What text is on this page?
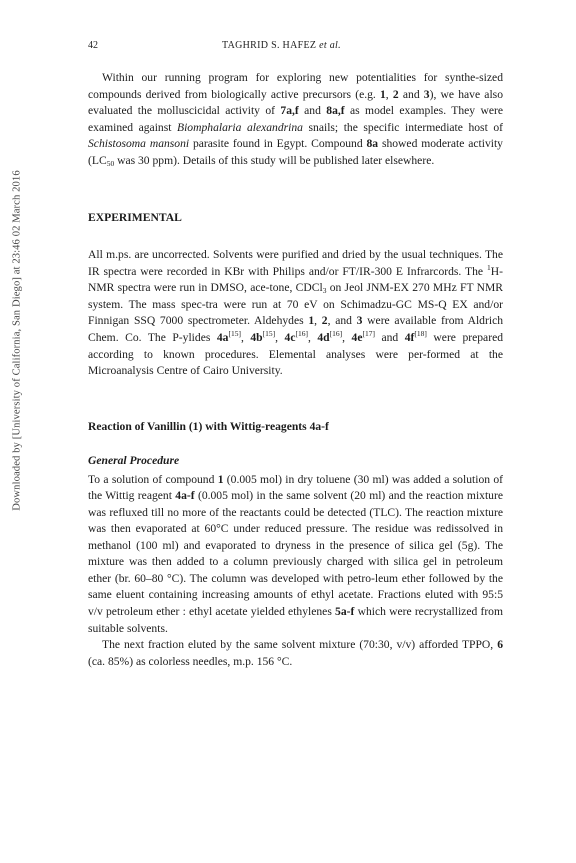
Downloaded by [University of California, San Diego] at 23:46 02 March 2016
42	TAGHRID S. HAFEZ et al.

Within our running program for exploring new potentialities for synthe-sized compounds derived from biologically active precursors (e.g. 1, 2 and 3), we have also evaluated the molluscicidal activity of 7a,f and 8a,f as model examples. They were examined against Biomphalaria alexandrina snails; the specific intermediate host of Schistosoma mansoni parasite found in Egypt. Compound 8a showed moderate activity ($LC_{50}$ was 30 ppm). Details of this study will be published later elsewhere.

EXPERIMENTAL

All m.ps. are uncorrected. Solvents were purified and dried by the usual techniques. The IR spectra were recorded in KBr with Philips and/or FT/IR-300 E Infrarcords. The $^1$H-NMR spectra were run in DMSO, ace-tone, CDCl$_3$ on Jeol JNM-EX 270 MHz FT NMR system. The mass spec-tra were run at 70 eV on Schimadzu-GC MS-Q EX and/or Finnigan SSQ 7000 spectrometer. Aldehydes 1, 2, and 3 were available from Aldrich Chem. Co. The P-ylides 4a[15], 4b[15], 4c[16], 4d[16], 4e[17] and 4f[18] were prepared according to known procedures. Elemental analyses were per-formed at the Microanalysis Centre of Cairo University.

Reaction of Vanillin (1) with Wittig-reagents 4a-f
General Procedure

To a solution of compound 1 (0.005 mol) in dry toluene (30 ml) was added a solution of the Wittig reagent 4a-f (0.005 mol) in the same solvent (20 ml) and the reaction mixture was refluxed till no more of the reactants could be detected (TLC). The reaction mixture was then evaporated at 60°C under reduced pressure. The residue was redissolved in methanol (100 ml) and evaporated to dryness in the presence of silica gel (5g). The mixture was then added to a column previously charged with silica gel in petroleum ether (br. 60–80 °C). The column was developed with petro-leum ether followed by the same eluent containing increasing amounts of ethyl acetate. Fractions eluted with 95:5 v/v petroleum ether : ethyl acetate yielded ethylenes 5a-f which were recrystallized from suitable solvents.

The next fraction eluted by the same solvent mixture (70:30, v/v) afforded TPPO, 6 (ca. 85%) as colorless needles, m.p. 156 °C.
